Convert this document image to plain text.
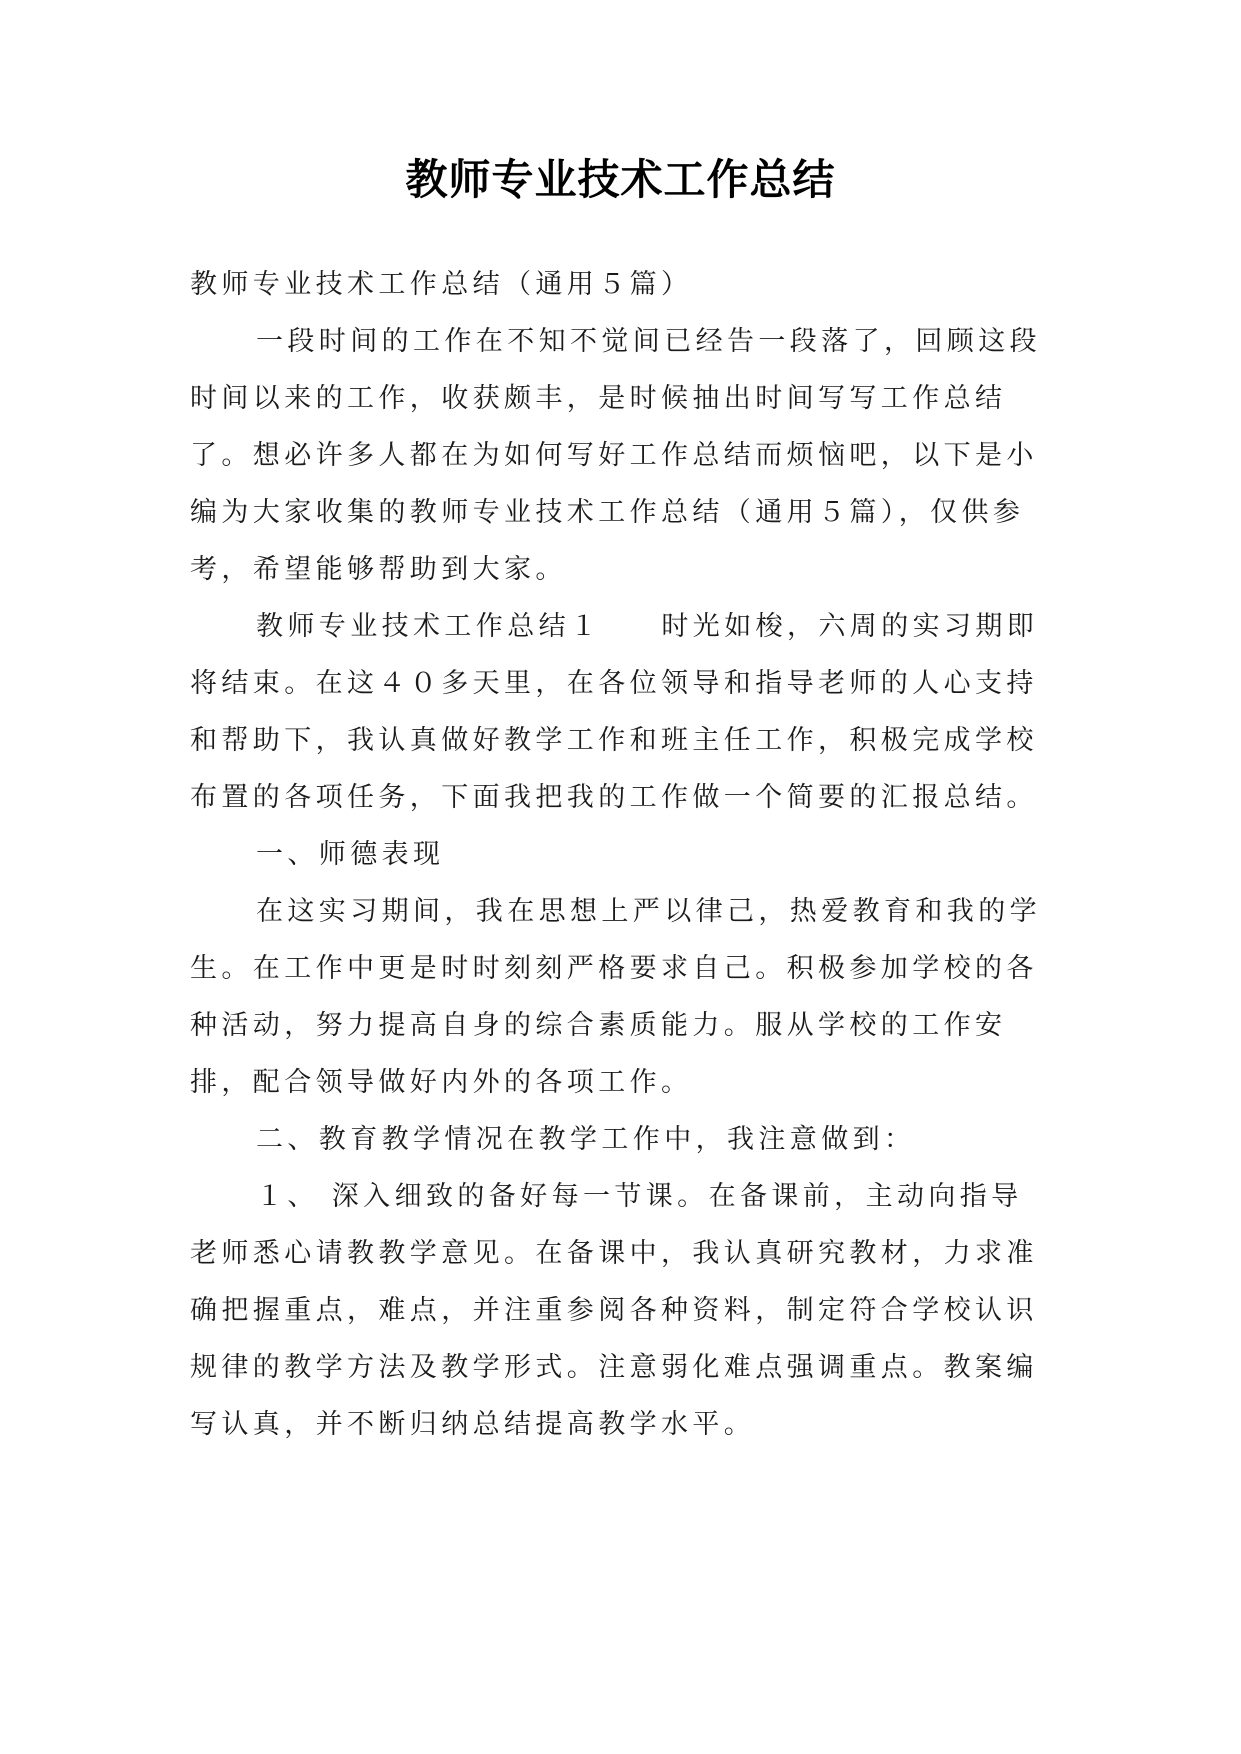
教师专业技术工作总结

教师专业技术工作总结（通用５篇）

一段时间的工作在不知不觉间已经告一段落了，回顾这段时间以来的工作，收获颇丰，是时候抽出时间写写工作总结了。想必许多人都在为如何写好工作总结而烦恼吧，以下是小编为大家收集的教师专业技术工作总结（通用５篇），仅供参考，希望能够帮助到大家。

教师专业技术工作总结１ 时光如梭，六周的实习期即将结束。在这４０多天里，在各位领导和指导老师的人心支持和帮助下，我认真做好教学工作和班主任工作，积极完成学校布置的各项任务，下面我把我的工作做一个简要的汇报总结。

一、师德表现

在这实习期间，我在思想上严以律己，热爱教育和我的学生。在工作中更是时时刻刻严格要求自己。积极参加学校的各种活动，努力提高自身的综合素质能力。服从学校的工作安排，配合领导做好内外的各项工作。

二、教育教学情况在教学工作中，我注意做到：

１、 深入细致的备好每一节课。在备课前，主动向指导老师悉心请教教学意见。在备课中，我认真研究教材，力求准确把握重点，难点，并注重参阅各种资料，制定符合学校认识规律的教学方法及教学形式。注意弱化难点强调重点。教案编写认真，并不断归纳总结提高教学水平。
